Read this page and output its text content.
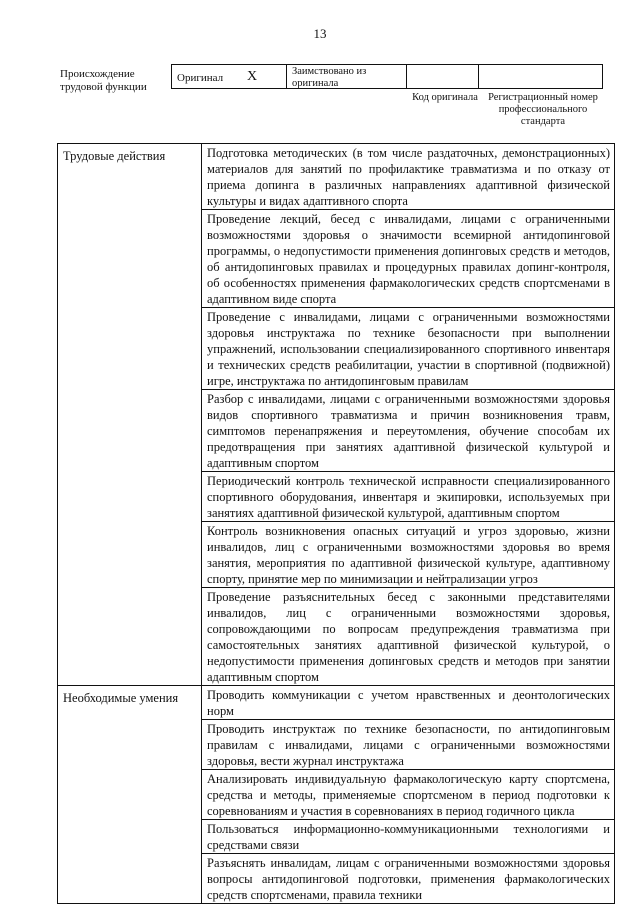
13
Происхождение трудовой функции
Оригинал X	Заимствовано из оригинала
Код оригинала Регистрационный номер профессионального стандарта
Трудовые действия	Подготовка методических (в том числе раздаточных, демонстрационных) материалов для занятий по профилактике травматизма и по отказу от приема допинга в различных направлениях адаптивной физической культуры и видах адаптивного спорта
Проведение лекций, бесед с инвалидами, лицами с ограниченными возможностями здоровья о значимости всемирной антидопинговой программы, о недопустимости применения допинговых средств и методов, об антидопинговых правилах и процедурных правилах допинг-контроля, об особенностях применения фармакологических средств спортсменами в адаптивном виде спорта
Проведение с инвалидами, лицами с ограниченными возможностями здоровья инструктажа по технике безопасности при выполнении упражнений, использовании специализированного спортивного инвентаря и технических средств реабилитации, участии в спортивной (подвижной) игре, инструктажа по антидопинговым правилам
Разбор с инвалидами, лицами с ограниченными возможностями здоровья видов спортивного травматизма и причин возникновения травм, симптомов перенапряжения и переутомления, обучение способам их предотвращения при занятиях адаптивной физической культурой и адаптивным спортом
Периодический контроль технической исправности специализированного спортивного оборудования, инвентаря и экипировки, используемых при занятиях адаптивной физической культурой, адаптивным спортом
Контроль возникновения опасных ситуаций и угроз здоровью, жизни инвалидов, лиц с ограниченными возможностями здоровья во время занятия, мероприятия по адаптивной физической культуре, адаптивному спорту, принятие мер по минимизации и нейтрализации угроз
Проведение разъяснительных бесед с законными представителями инвалидов, лиц с ограниченными возможностями здоровья, сопровождающими по вопросам предупреждения травматизма при самостоятельных занятиях адаптивной физической культурой, о недопустимости применения допинговых средств и методов при занятии адаптивным спортом
Необходимые умения	Проводить коммуникации с учетом нравственных и деонтологических норм
Проводить инструктаж по технике безопасности, по антидопинговым правилам с инвалидами, лицами с ограниченными возможностями здоровья, вести журнал инструктажа
Анализировать индивидуальную фармакологическую карту спортсмена, средства и методы, применяемые спортсменом в период подготовки к соревнованиям и участия в соревнованиях в период годичного цикла
Пользоваться информационно-коммуникационными технологиями и средствами связи
Разъяснять инвалидам, лицам с ограниченными возможностями здоровья вопросы антидопинговой подготовки, применения фармакологических средств спортсменами, правила техники
